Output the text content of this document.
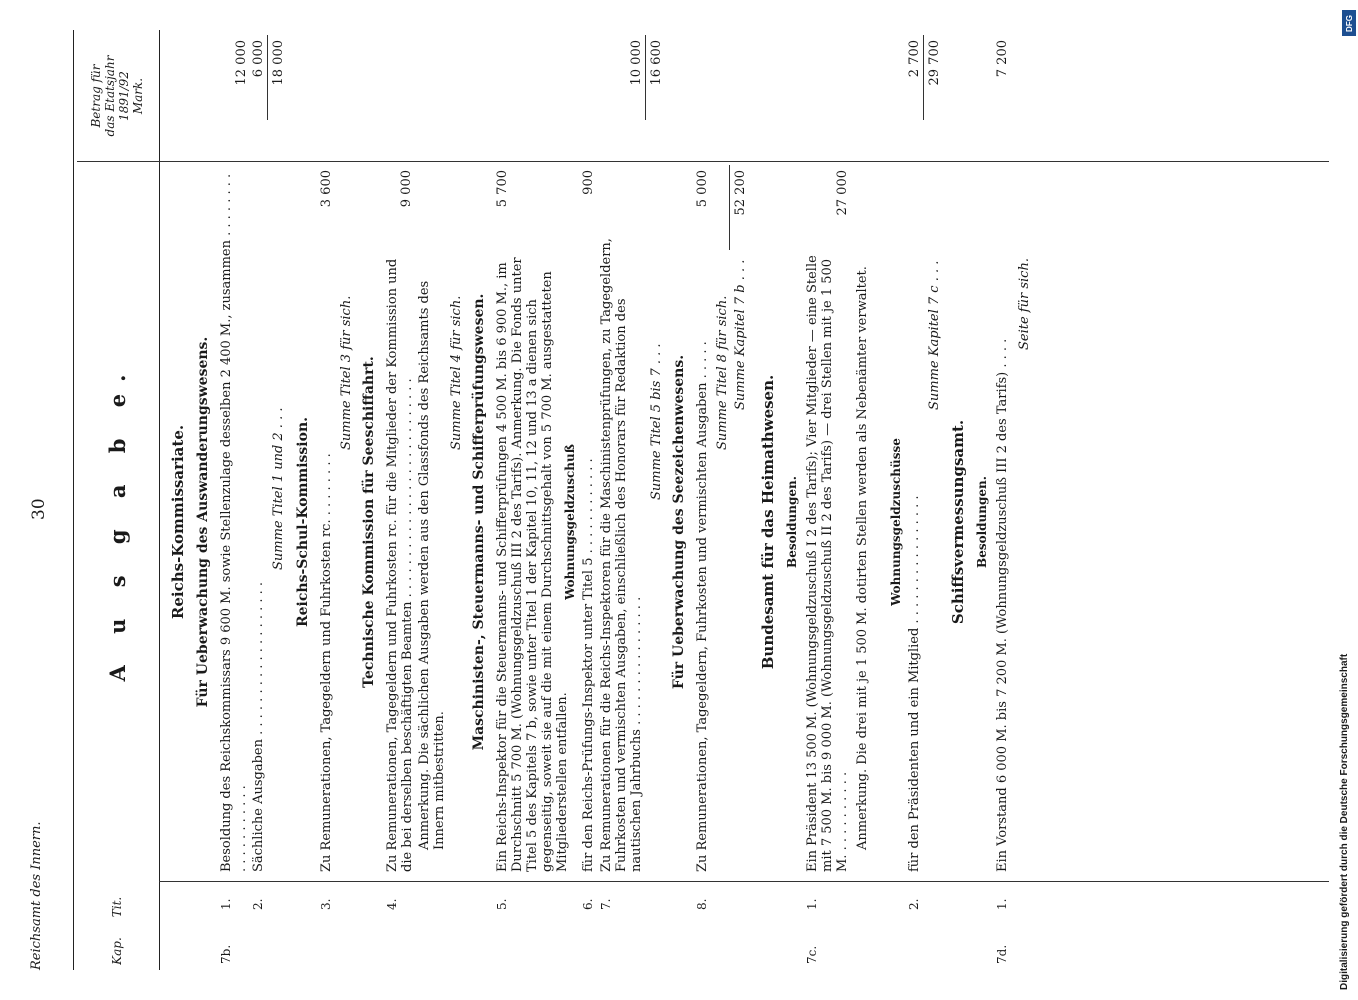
Reichsamt des Innern.
30
Kap.
Tit.
A u s g a b e.
Betrag für das Etatsjahr 1891/92 Mark.
Reichs-Kommissariate. Für Ueberwachung des Auswanderungswesens.
7b.
1.
Besoldung des Reichskommissars 9 600 M. sowie Stellenzulage desselben 2 400 M., zusammen . . . . . . . . . . . . . . . . . . .
12 000
2.
Sächliche Ausgaben . . . . . . . . . . . . . . . . . . .
6 000
Summe Titel 1 und 2 . . .
18 000
Reichs-Schul-Kommission.
3.
Zu Remunerationen, Tagegeldern und Fuhrkosten rc. . . . . . . . .
Summe Titel 3 für sich.
3 600
Technische Kommission für Seeschiffahrt.
4.
Zu Remunerationen, Tagegeldern und Fuhrkosten rc. für die Mitglieder der Kommission und die bei derselben beschäftigten Beamten . . . . . . . . . . . . . . . . . . . . . . . . . . .
9 000
Anmerkung. Die sächlichen Ausgaben werden aus den Glassfonds des Reichsamts des Innern mitbestritten.
Summe Titel 4 für sich. Maschinisten-, Steuermanns- und Schifferprüfungswesen.
5.
Ein Reichs-Inspektor für die Steuermanns- und Schifferprüfungen 4 500 M. bis 6 900 M., im Durchschnitt 5 700 M. (Wohnungsgeldzuschuß III 2 des Tarifs). Anmerkung. Die Fonds unter Titel 5 des Kapitels 7 b, sowie unter Titel 1 der Kapitel 10, 11, 12 und 13 a dienen sich gegenseitig, soweit sie auf die mit einem Durchschnittsgehalt von 5 700 M. ausgestatteten Mitgliederstellen entfallen.
5 700
Wohnungsgeldzuschuß
6.
für den Reichs-Prüfungs-Inspektor unter Titel 5 . . . . . . . . . . . .
900
7.
Zu Remunerationen für die Reichs-Inspektoren für die Maschinistenprüfungen, zu Tagegeldern, Fuhrkosten und vermischten Ausgaben, einschließlich des Honorars für Redaktion des nautischen Jahrbuchs . . . . . . . . . . . . . . . .
10 000
Summe Titel 5 bis 7 . . .
16 600
Für Ueberwachung des Seezeichenwesens.
8.
Zu Remunerationen, Tagegeldern, Fuhrkosten und vermischten Ausgaben . . . . .
5 000
Summe Titel 8 für sich. Summe Kapitel 7 b . . .
52 200
Bundesamt für das Heimathwesen. Besoldungen.
7c.
1.
Ein Präsident 13 500 M. (Wohnungsgeldzuschuß I 2 des Tarifs); Vier Mitglieder — eine Stelle mit 7 500 M. bis 9 000 M. (Wohnungsgeldzuschuß II 2 des Tarifs) — drei Stellen mit je 1 500 M. . . . . . . . . . .
27 000
Anmerkung. Die drei mit je 1 500 M. dotirten Stellen werden als Nebenämter verwaltet. Wohnungsgeldzuschüsse
2.
für den Präsidenten und ein Mitglied . . . . . . . . . . . . . . . .
2 700
Summe Kapitel 7 c . . .
29 700
Schiffsvermessungsamt. Besoldungen.
7d.
1.
Ein Vorstand 6 000 M. bis 7 200 M. (Wohnungsgeldzuschuß III 2 des Tarifs) . . . .
7 200
Seite für sich.
DFG
Digitalisierung gefördert durch die Deutsche Forschungsgemeinschaft
